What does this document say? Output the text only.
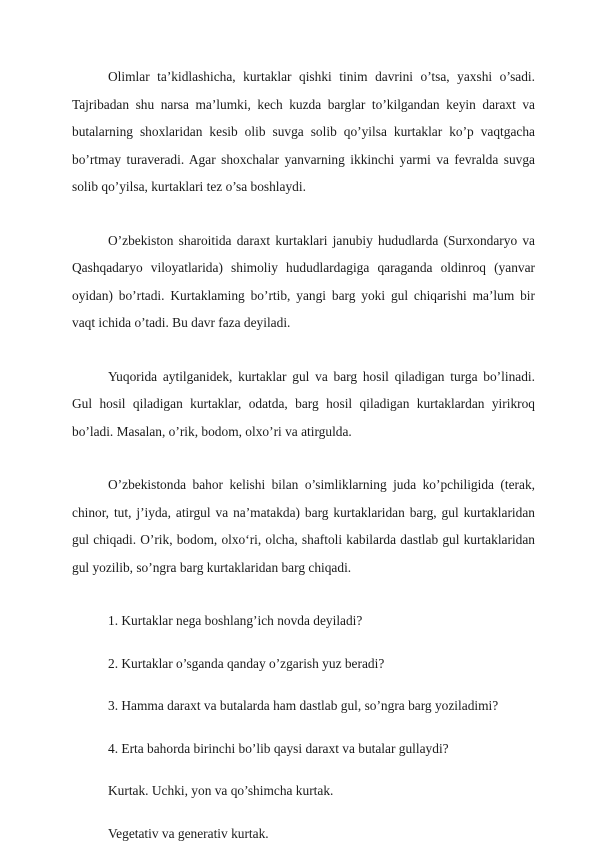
Olimlar ta’kidlashicha, kurtaklar qishki tinim davrini o’tsa, yaxshi o’sadi. Tajribadan shu narsa ma’lumki, kech kuzda barglar to’kilgandan keyin daraxt va butalarning shoxlaridan kesib olib suvga solib qo’yilsa kurtaklar ko’p vaqtgacha bo’rtmay turaveradi. Agar shoxchalar yanvarning ikkinchi yarmi va fevralda suvga solib qo’yilsa, kurtaklari tez o’sa boshlaydi.

O’zbekiston sharoitida daraxt kurtaklari janubiy hududlarda (Surxondaryo va Qashqadaryo viloyatlarida) shimoliy hududlardagiga qaraganda oldinroq (yanvar oyidan) bo’rtadi. Kurtaklaming bo’rtib, yangi barg yoki gul chiqarishi ma’lum bir vaqt ichida o’tadi. Bu davr faza deyiladi.

Yuqorida aytilganidek, kurtaklar gul va barg hosil qiladigan turga bo’linadi. Gul hosil qiladigan kurtaklar, odatda, barg hosil qiladigan kurtaklardan yirikroq bo’ladi. Masalan, o’rik, bodom, olxo’ri va atirgulda.

O’zbekistonda bahor kelishi bilan o’simliklarning juda ko’pchiligida (terak, chinor, tut, j’iyda, atirgul va na’matakda) barg kurtaklaridan barg, gul kurtaklaridan gul chiqadi. O’rik, bodom, olxo‘ri, olcha, shaftoli kabilarda dastlab gul kurtaklaridan gul yozilib, so’ngra barg kurtaklaridan barg chiqadi.

1. Kurtaklar nega boshlang’ich novda deyiladi?

2. Kurtaklar o’sganda qanday o’zgarish yuz beradi?

3. Hamma daraxt va butalarda ham dastlab gul, so’ngra barg yoziladimi?

4. Erta bahorda birinchi bo’lib qaysi daraxt va butalar gullaydi?

Kurtak. Uchki, yon va qo’shimcha kurtak.

Vegetativ va generativ kurtak.
